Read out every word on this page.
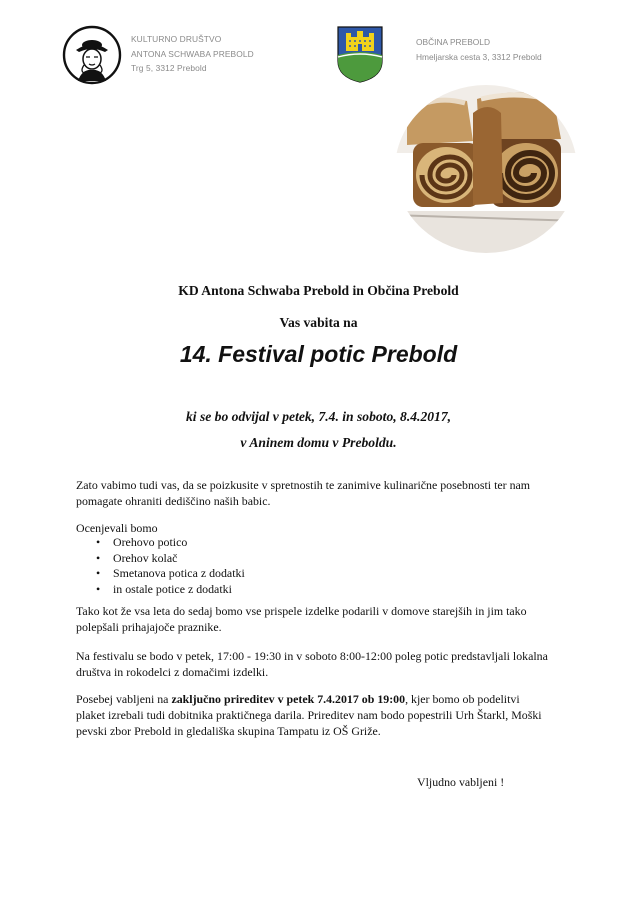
KULTURNO DRUŠTVO
ANTONA SCHWABA PREBOLD
Trg 5, 3312 Prebold
OBČINA PREBOLD
Hmeljarska cesta 3, 3312 Prebold
KD Antona Schwaba Prebold in Občina Prebold
Vas vabita na
14. Festival potic Prebold
ki se bo odvijal v petek, 7.4. in soboto, 8.4.2017,
v Aninem domu v Preboldu.
Zato vabimo tudi vas, da se poizkusite v spretnostih te zanimive kulinarične posebnosti ter nam
pomagate ohraniti dediščino naših babic.
Ocenjevali bomo
• Orehovo potico
• Orehov kolač
• Smetanova potica z dodatki
• in ostale potice z dodatki
Tako kot že vsa leta do sedaj bomo vse prispele izdelke podarili v domove starejših in jim tako
polepšali prihajajoče praznike.
Na festivalu se bodo v petek, 17:00 - 19:30 in v soboto 8:00-12:00 poleg potic predstavljali lokalna
društva in rokodelci z domačimi izdelki.
Posebej vabljeni na zaključno prireditev v petek 7.4.2017 ob 19:00, kjer bomo ob podelitvi
plaket izrebali tudi dobitnika praktičnega darila. Prireditev nam bodo popestrili Urh Štarkl, Moški
pevski zbor Prebold in gledališka skupina Tampatu iz OŠ Griže.
Vljudno vabljeni !
